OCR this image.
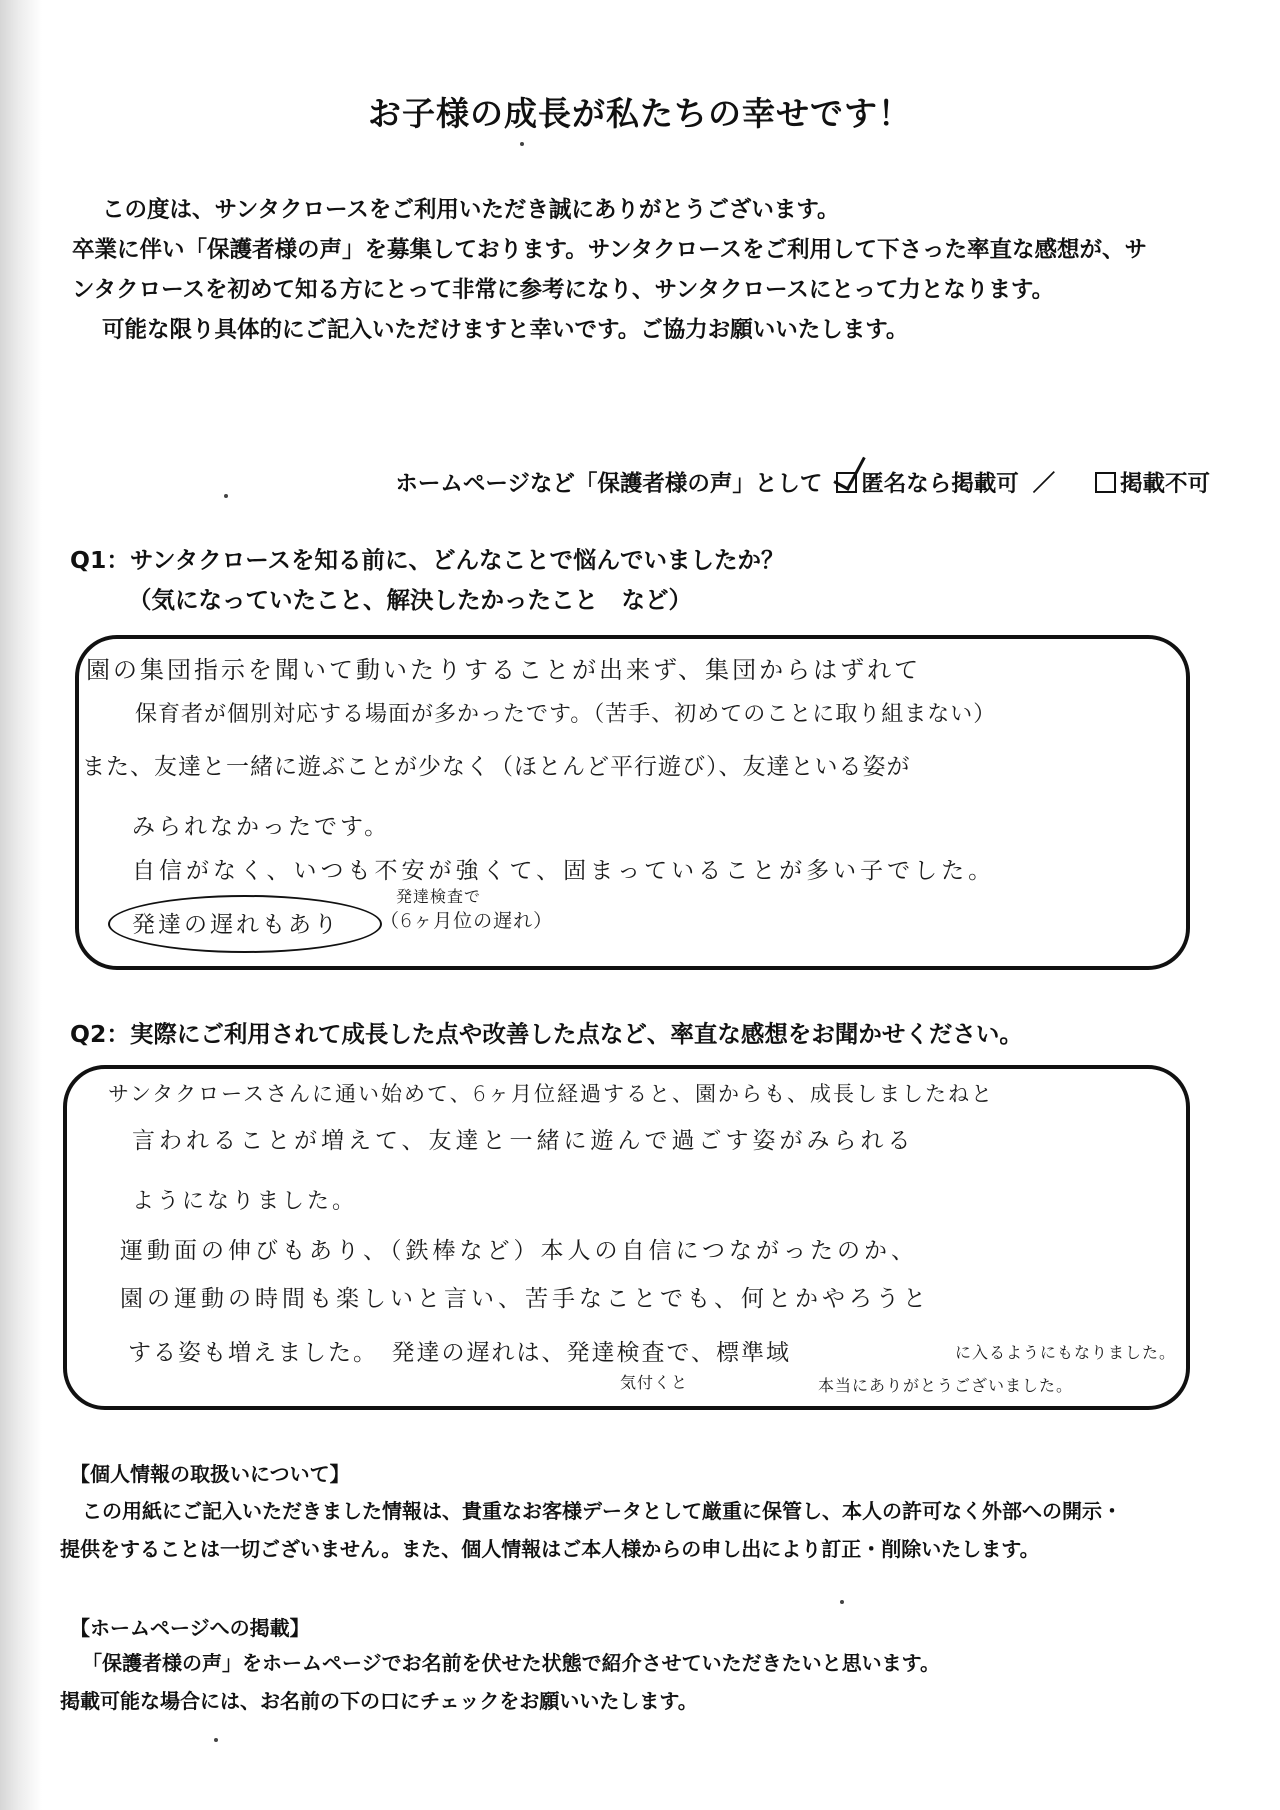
お子様の成長が私たちの幸せです！
この度は、サンタクロースをご利用いただき誠にありがとうございます。
卒業に伴い「保護者様の声」を募集しております。サンタクロースをご利用して下さった率直な感想が、サ
ンタクロースを初めて知る方にとって非常に参考になり、サンタクロースにとって力となります。
可能な限り具体的にご記入いただけますと幸いです。ご協力お願いいたします。
ホームページなど「保護者様の声」として 匿名なら掲載可 ／	掲載不可
Q1：サンタクロースを知る前に、どんなことで悩んでいましたか？
（気になっていたこと、解決したかったこと　など）
園の集団指示を聞いて動いたりすることが出来ず、集団からはずれて
保育者が個別対応する場面が多かったです。（苦手、初めてのことに取り組まない）
また、友達と一緒に遊ぶことが少なく（ほとんど平行遊び）、友達といる姿が
みられなかったです。
自信がなく、いつも不安が強くて、固まっていることが多い子でした。
発達の遅れもあり
発達検査で
（6ヶ月位の遅れ）
Q2：実際にご利用されて成長した点や改善した点など、率直な感想をお聞かせください。
サンタクロースさんに通い始めて、6ヶ月位経過すると、園からも、成長しましたねと
言われることが増えて、友達と一緒に遊んで過ごす姿がみられる
ようになりました。
運動面の伸びもあり、（鉄棒など）本人の自信につながったのか、
園の運動の時間も楽しいと言い、苦手なことでも、何とかやろうと
する姿も増えました。　発達の遅れは、発達検査で、標準域	に入るようにもなりました。
気付くと	本当にありがとうございました。
【個人情報の取扱いについて】
この用紙にご記入いただきました情報は、貴重なお客様データとして厳重に保管し、本人の許可なく外部への開示・
提供をすることは一切ございません。また、個人情報はご本人様からの申し出により訂正・削除いたします。
【ホームページへの掲載】
「保護者様の声」をホームページでお名前を伏せた状態で紹介させていただきたいと思います。
掲載可能な場合には、お名前の下の口にチェックをお願いいたします。
